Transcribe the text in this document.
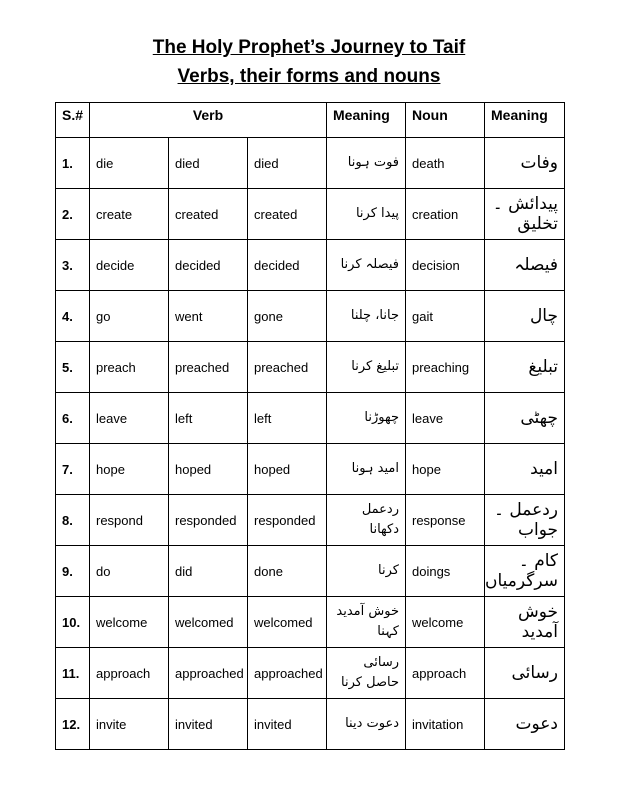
The Holy Prophet’s Journey to Taif
Verbs, their forms and nouns
S.#	Verb			Meaning	Noun	Meaning
1.	die	died	died	فوت ہونا	death	وفات
2.	create	created	created	پیدا کرنا	creation	پیدائش ۔ تخلیق
3.	decide	decided	decided	فیصلہ کرنا	decision	فیصلہ
4.	go	went	gone	جانا، چلنا	gait	چال
5.	preach	preached	preached	تبلیغ کرنا	preaching	تبلیغ
6.	leave	left	left	چھوڑنا	leave	چھٹی
7.	hope	hoped	hoped	امید ہونا	hope	امید
8.	respond	responded	responded	ردعمل دکھانا	response	ردعمل ۔ جواب
9.	do	did	done	کرنا	doings	کام ۔ سرگرمیاں
10.	welcome	welcomed	welcomed	خوش آمدید کہنا	welcome	خوش آمدید
11.	approach	approached	approached	رسائی حاصل کرنا	approach	رسائی
12.	invite	invited	invited	دعوت دینا	invitation	دعوت
